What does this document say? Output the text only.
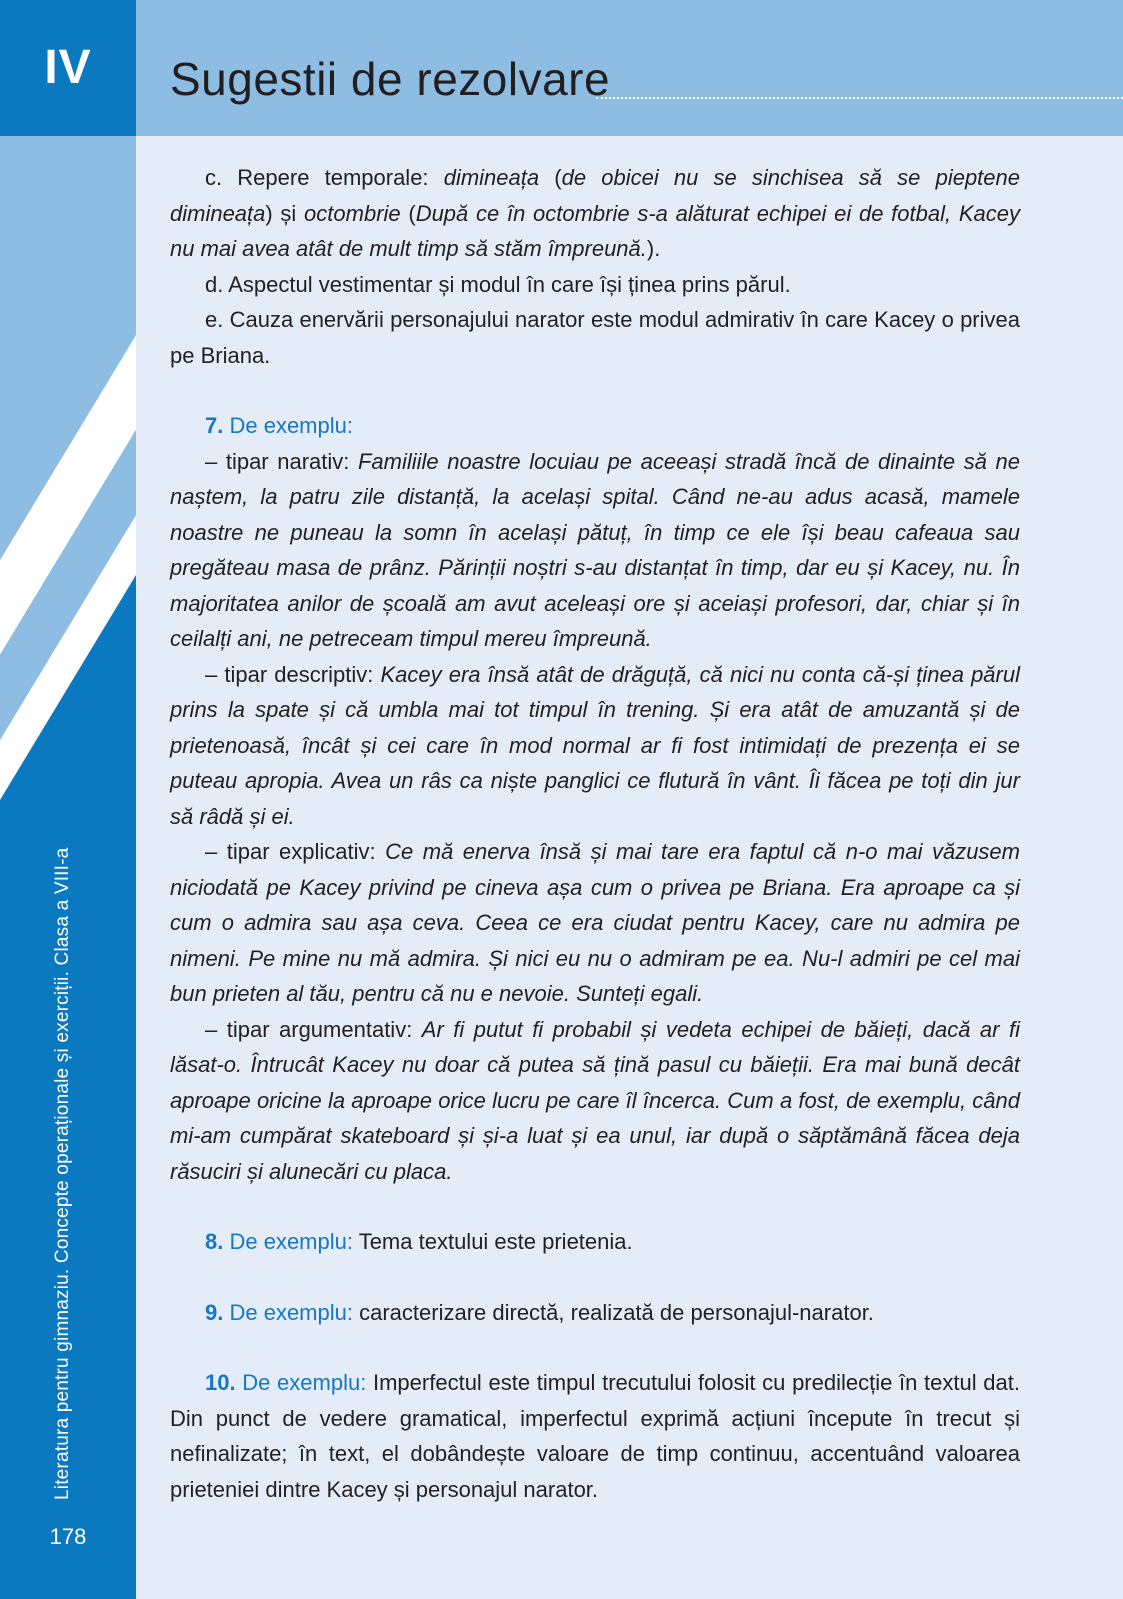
IV
Literatura pentru gimnaziu. Concepte operaționale și exerciții. Clasa a VIII-a
178
Sugestii de rezolvare

c. Repere temporale: dimineața (de obicei nu se sinchisea să se pieptene dimineața) și octombrie (După ce în octombrie s-a alăturat echipei ei de fotbal, Kacey nu mai avea atât de mult timp să stăm împreună.).

d. Aspectul vestimentar și modul în care își ținea prins părul.

e. Cauza enervării personajului narator este modul admirativ în care Kacey o privea pe Briana.

7. De exemplu:

– tipar narativ: Familiile noastre locuiau pe aceeași stradă încă de dinainte să ne naștem, la patru zile distanță, la același spital. Când ne-au adus acasă, mamele noastre ne puneau la somn în același pătuț, în timp ce ele își beau cafeaua sau pregăteau masa de prânz. Părinții noștri s-au distanțat în timp, dar eu și Kacey, nu. În majoritatea anilor de școală am avut aceleași ore și aceiași profesori, dar, chiar și în ceilalți ani, ne petreceam timpul mereu împreună.

– tipar descriptiv: Kacey era însă atât de drăguță, că nici nu conta că-și ținea părul prins la spate și că umbla mai tot timpul în trening. Și era atât de amuzantă și de prietenoasă, încât și cei care în mod normal ar fi fost intimidați de prezența ei se puteau apropia. Avea un râs ca niște panglici ce flutură în vânt. Îi făcea pe toți din jur să râdă și ei.

– tipar explicativ: Ce mă enerva însă și mai tare era faptul că n-o mai văzusem niciodată pe Kacey privind pe cineva așa cum o privea pe Briana. Era aproape ca și cum o admira sau așa ceva. Ceea ce era ciudat pentru Kacey, care nu admira pe nimeni. Pe mine nu mă admira. Și nici eu nu o admiram pe ea. Nu-l admiri pe cel mai bun prieten al tău, pentru că nu e nevoie. Sunteți egali.

– tipar argumentativ: Ar fi putut fi probabil și vedeta echipei de băieți, dacă ar fi lăsat-o. Întrucât Kacey nu doar că putea să țină pasul cu băieții. Era mai bună decât aproape oricine la aproape orice lucru pe care îl încerca. Cum a fost, de exemplu, când mi-am cumpărat skateboard și și-a luat și ea unul, iar după o săptămână făcea deja răsuciri și alunecări cu placa.

8. De exemplu: Tema textului este prietenia.

9. De exemplu: caracterizare directă, realizată de personajul-narator.

10. De exemplu: Imperfectul este timpul trecutului folosit cu predilecție în textul dat. Din punct de vedere gramatical, imperfectul exprimă acțiuni începute în trecut și nefinalizate; în text, el dobândește valoare de timp continuu, accentuând valoarea prieteniei dintre Kacey și personajul narator.
